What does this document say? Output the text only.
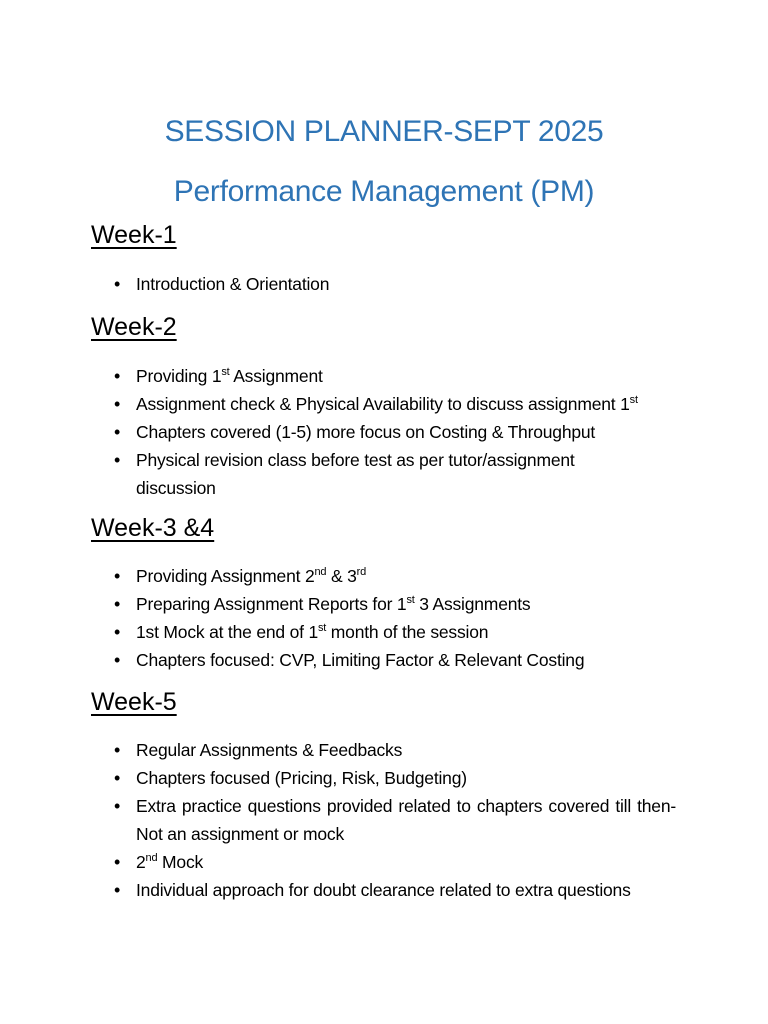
SESSION PLANNER-SEPT 2025
Performance Management (PM)
Week-1
• Introduction & Orientation
Week-2
• Providing 1st Assignment
• Assignment check & Physical Availability to discuss assignment 1st
• Chapters covered (1-5) more focus on Costing & Throughput
• Physical revision class before test as per tutor/assignment discussion
Week-3 &4
• Providing Assignment 2nd & 3rd
• Preparing Assignment Reports for 1st 3 Assignments
• 1st Mock at the end of 1st month of the session
• Chapters focused: CVP, Limiting Factor & Relevant Costing
Week-5
• Regular Assignments & Feedbacks
• Chapters focused (Pricing, Risk, Budgeting)
• Extra practice questions provided related to chapters covered till then-Not an assignment or mock
• 2nd Mock
• Individual approach for doubt clearance related to extra questions
